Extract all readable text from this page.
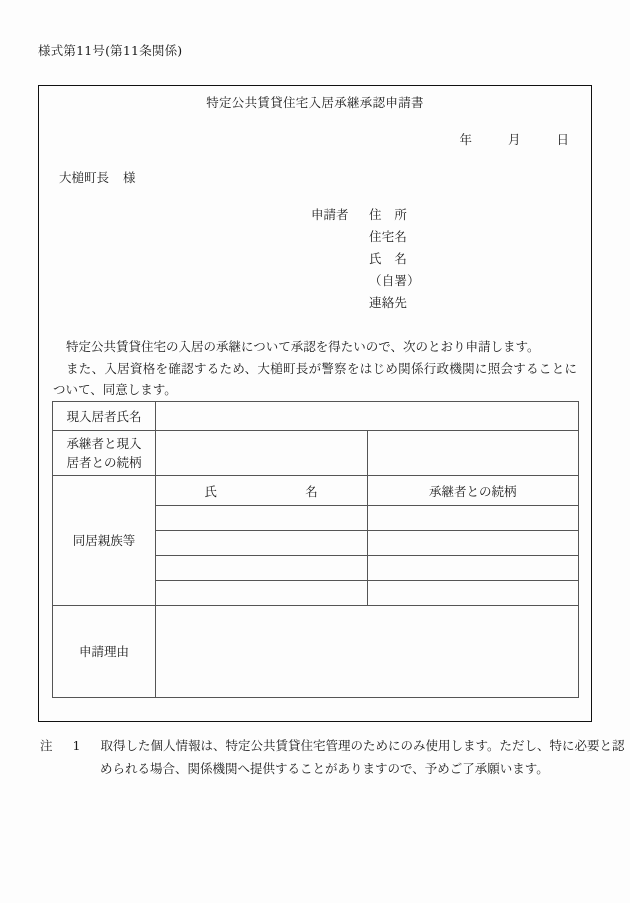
様式第11号(第11条関係)
特定公共賃貸住宅入居承継承認申請書
年	月	日
大槌町長 様
申請者	住　所
住宅名
氏　名
（自署）
連絡先

特定公共賃貸住宅の入居の承継について承認を得たいので、次のとおり申請します。

また、入居資格を確認するため、大槌町長が警察をはじめ関係行政機関に照会することについて、同意します。

現入居者氏名		

承継者と現入
居者との続柄		

同居親族等	氏 名	承継者との続柄

申請理由		

注 1 取得した個人情報は、特定公共賃貸住宅管理のためにのみ使用します。ただし、特に必要と認
められる場合、関係機関へ提供することがありますので、予めご了承願います。
